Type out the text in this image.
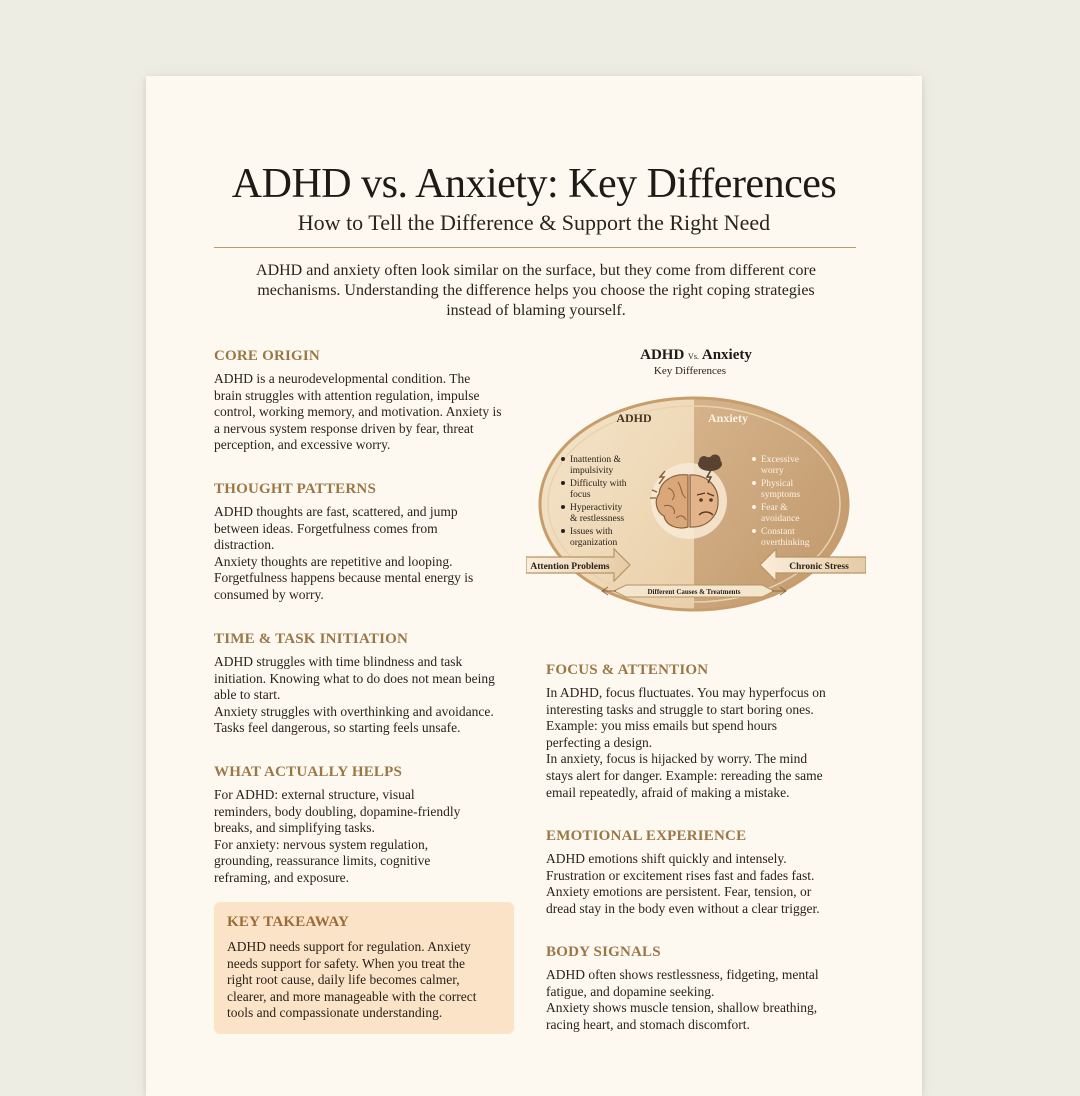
ADHD vs. Anxiety: Key Differences
How to Tell the Difference & Support the Right Need
ADHD and anxiety often look similar on the surface, but they come from different core
mechanisms. Understanding the difference helps you choose the right coping strategies
instead of blaming yourself.
CORE ORIGIN

ADHD is a neurodevelopmental condition. The

brain struggles with attention regulation, impulse

control, working memory, and motivation. Anxiety is

a nervous system response driven by fear, threat

perception, and excessive worry.

THOUGHT PATTERNS

ADHD thoughts are fast, scattered, and jump

between ideas. Forgetfulness comes from

distraction.

Anxiety thoughts are repetitive and looping.

Forgetfulness happens because mental energy is

consumed by worry.

TIME & TASK INITIATION

ADHD struggles with time blindness and task

initiation. Knowing what to do does not mean being

able to start.

Anxiety struggles with overthinking and avoidance.

Tasks feel dangerous, so starting feels unsafe.

WHAT ACTUALLY HELPS

For ADHD: external structure, visual

reminders, body doubling, dopamine-friendly

breaks, and simplifying tasks.

For anxiety: nervous system regulation,

grounding, reassurance limits, cognitive

reframing, and exposure.

KEY TAKEAWAY

ADHD needs support for regulation. Anxiety

needs support for safety. When you treat the

right root cause, daily life becomes calmer,

clearer, and more manageable with the correct

tools and compassionate understanding.

FOCUS & ATTENTION

In ADHD, focus fluctuates. You may hyperfocus on

interesting tasks and struggle to start boring ones.

Example: you miss emails but spend hours

perfecting a design.

In anxiety, focus is hijacked by worry. The mind

stays alert for danger. Example: rereading the same

email repeatedly, afraid of making a mistake.

EMOTIONAL EXPERIENCE

ADHD emotions shift quickly and intensely.

Frustration or excitement rises fast and fades fast.

Anxiety emotions are persistent. Fear, tension, or

dread stay in the body even without a clear trigger.

BODY SIGNALS

ADHD often shows restlessness, fidgeting, mental

fatigue, and dopamine seeking.

Anxiety shows muscle tension, shallow breathing,

racing heart, and stomach discomfort.

ADHD Vs. Anxiety
Key Differences
ADHD	Anxiety
Inattention &
impulsivity
Difficulty with
focus
Hyperactivity
& restlessness
Issues with
organization
Excessive
worry
Physical
symptoms
Fear &
avoidance
Constant
overthinking
Attention Problems	Chronic Stress
Different Causes & Treatments
